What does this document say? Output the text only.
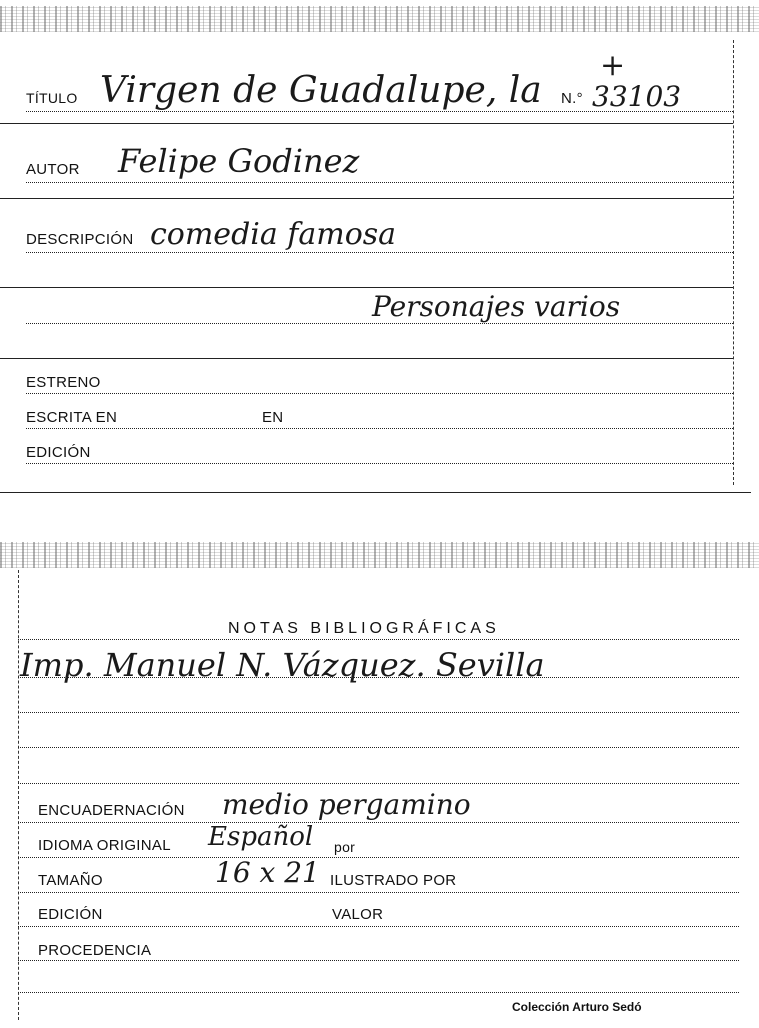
TÍTULO Virgen de Guadalupe, la
+
N.° 33103
AUTOR Felipe Godinez
DESCRIPCIÓN comedia famosa
Personajes varios
ESTRENO
ESCRITA EN	EN
EDICIÓN
NOTAS BIBLIOGRÁFICAS
Imp. Manuel N. Vázquez. Sevilla
ENCUADERNACIÓN medio pergamino
IDIOMA ORIGINAL Español por
TAMAÑO	16 x 21 ILUSTRADO POR
EDICIÓN	VALOR
PROCEDENCIA
Colección Arturo Sedó
